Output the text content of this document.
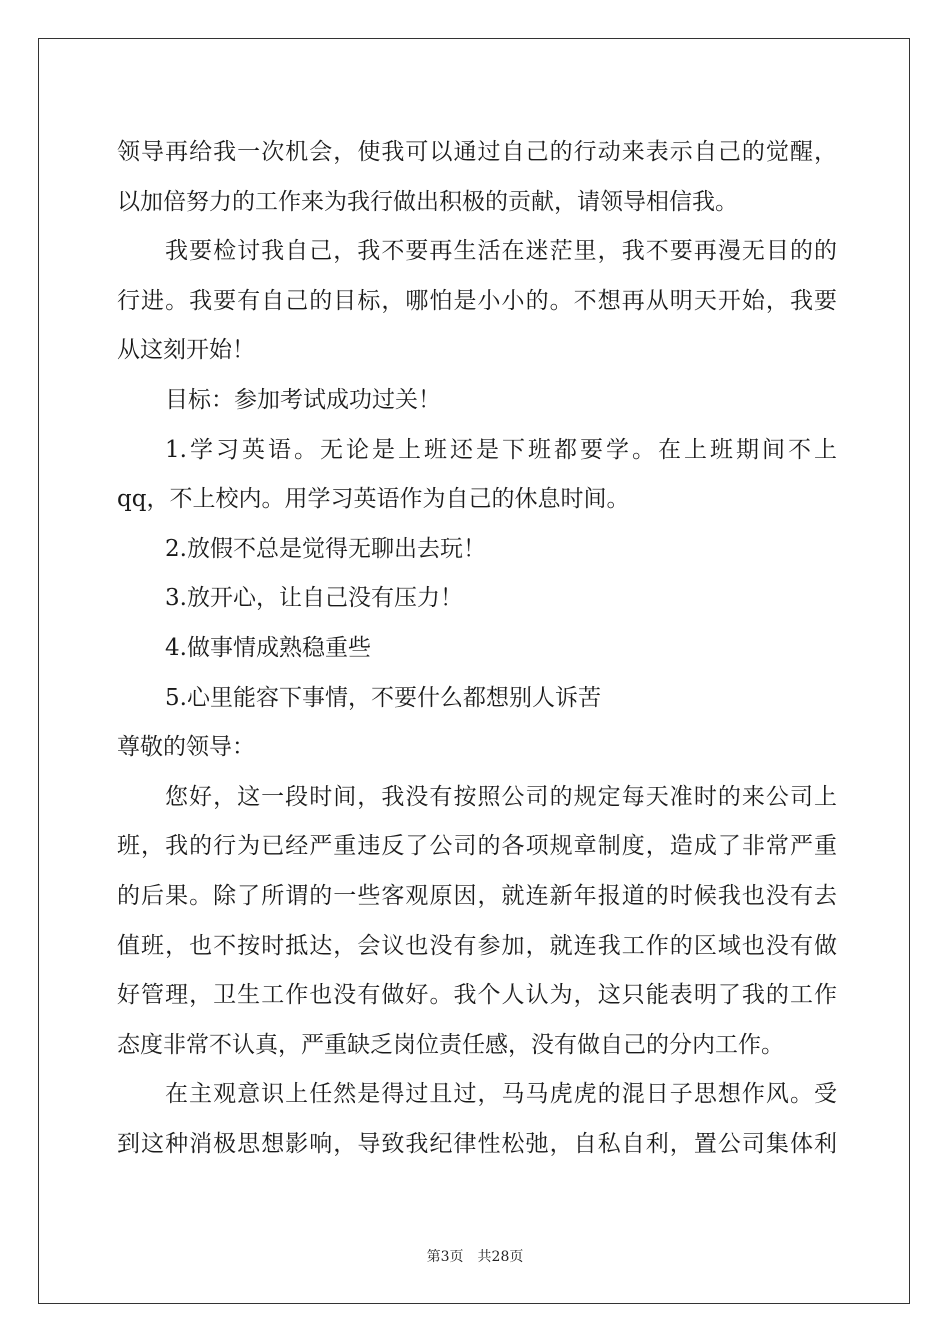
领导再给我一次机会，使我可以通过自己的行动来表示自己的觉醒，
以加倍努力的工作来为我行做出积极的贡献，请领导相信我。
我要检讨我自己，我不要再生活在迷茫里，我不要再漫无目的的
行进。我要有自己的目标，哪怕是小小的。不想再从明天开始，我要
从这刻开始！
目标：参加考试成功过关！
1.学习英语。无论是上班还是下班都要学。在上班期间不上
qq，不上校内。用学习英语作为自己的休息时间。
2.放假不总是觉得无聊出去玩！
3.放开心，让自己没有压力！
4.做事情成熟稳重些
5.心里能容下事情，不要什么都想别人诉苦
尊敬的领导：
您好，这一段时间，我没有按照公司的规定每天准时的来公司上
班，我的行为已经严重违反了公司的各项规章制度，造成了非常严重
的后果。除了所谓的一些客观原因，就连新年报道的时候我也没有去
值班，也不按时抵达，会议也没有参加，就连我工作的区域也没有做
好管理，卫生工作也没有做好。我个人认为，这只能表明了我的工作
态度非常不认真，严重缺乏岗位责任感，没有做自己的分内工作。
在主观意识上任然是得过且过，马马虎虎的混日子思想作风。受
到这种消极思想影响，导致我纪律性松弛，自私自利，置公司集体利
第3页 共28页
